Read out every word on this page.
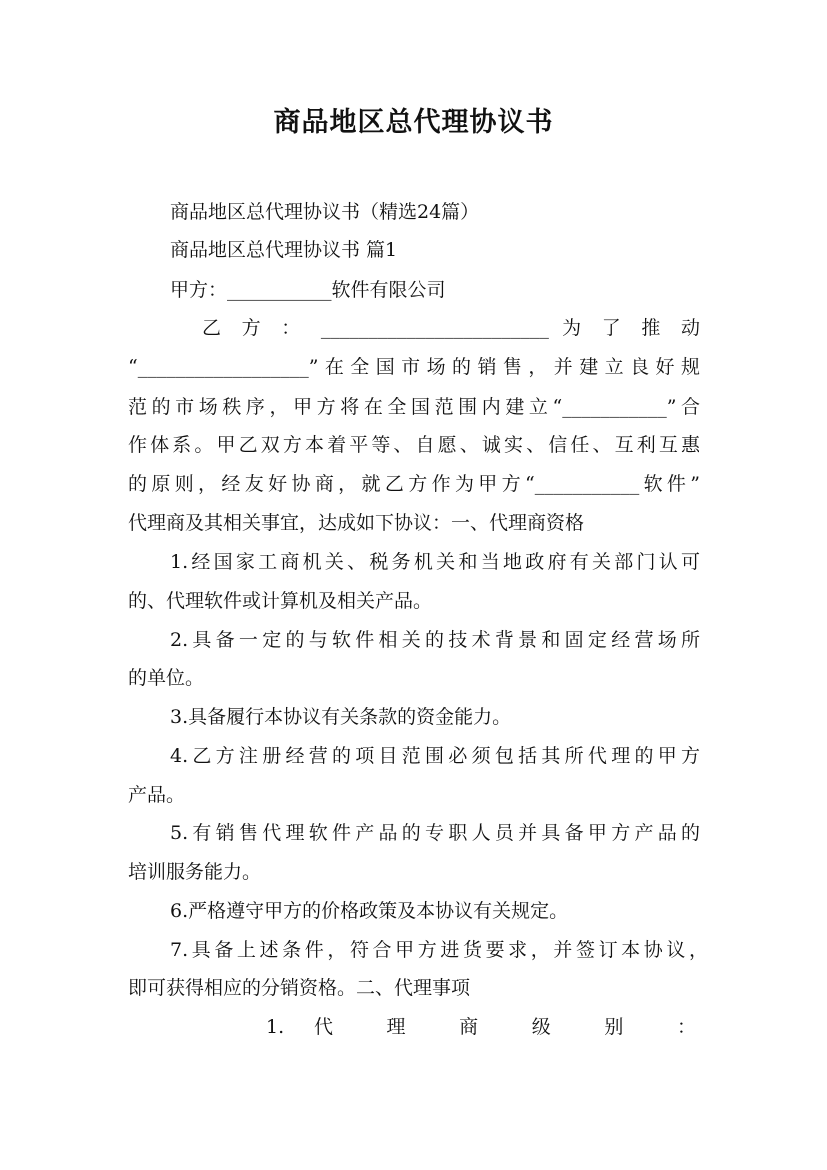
商品地区总代理协议书
商品地区总代理协议书（精选24篇）
商品地区总代理协议书 篇1
甲方：___________软件有限公司
乙 方 ： ________________________ 为 了 推 动
“__________________”在全国市场的销售，并建立良好规
范的市场秩序，甲方将在全国范围内建立“___________”合
作体系。甲乙双方本着平等、自愿、诚实、信任、互利互惠
的原则，经友好协商，就乙方作为甲方“___________软件”
代理商及其相关事宜，达成如下协议：一、代理商资格
1.经国家工商机关、税务机关和当地政府有关部门认可
的、代理软件或计算机及相关产品。
2.具备一定的与软件相关的技术背景和固定经营场所
的单位。
3.具备履行本协议有关条款的资金能力。
4.乙方注册经营的项目范围必须包括其所代理的甲方
产品。
5.有销售代理软件产品的专职人员并具备甲方产品的
培训服务能力。
6.严格遵守甲方的价格政策及本协议有关规定。
7.具备上述条件，符合甲方进货要求，并签订本协议，
即可获得相应的分销资格。二、代理事项
1. 代 理 商 级 别 ：
